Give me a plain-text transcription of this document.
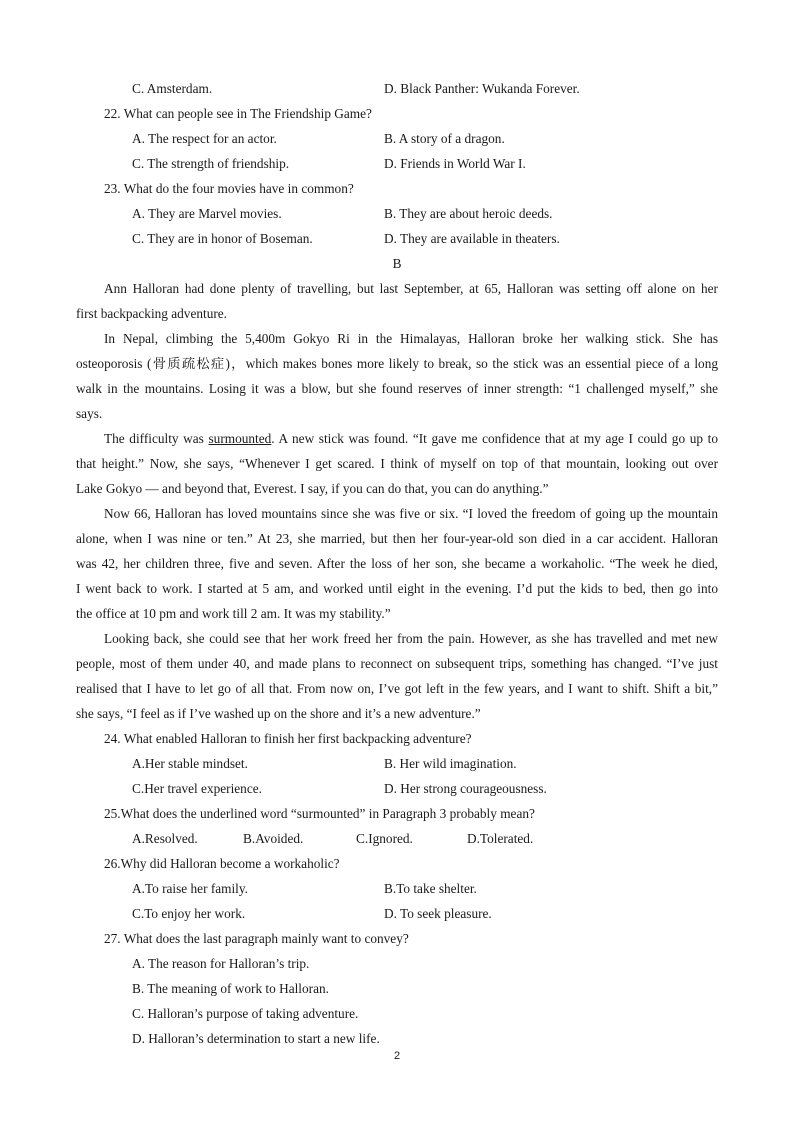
C. Amsterdam.	D. Black Panther: Wukanda Forever.
22. What can people see in The Friendship Game?
A. The respect for an actor.	B. A story of a dragon.
C. The strength of friendship.	D. Friends in World War I.
23. What do the four movies have in common?
A. They are Marvel movies.	B. They are about heroic deeds.
C. They are in honor of Boseman.	D. They are available in theaters.
B
Ann Halloran had done plenty of travelling, but last September, at 65, Halloran was setting off alone on her
first backpacking adventure.
In Nepal, climbing the 5,400m Gokyo Ri in the Himalayas, Halloran broke her walking stick. She has
osteoporosis (骨质疏松症)，which makes bones more likely to break, so the stick was an essential piece of a long
walk in the mountains. Losing it was a blow, but she found reserves of inner strength: “1 challenged myself,” she
says.
The difficulty was surmounted. A new stick was found. “It gave me confidence that at my age I could go up to
that height.” Now, she says, “Whenever I get scared. I think of myself on top of that mountain, looking out over
Lake Gokyo — and beyond that, Everest. I say, if you can do that, you can do anything.”
Now 66, Halloran has loved mountains since she was five or six. “I loved the freedom of going up the mountain
alone, when I was nine or ten.” At 23, she married, but then her four-year-old son died in a car accident. Halloran
was 42, her children three, five and seven. After the loss of her son, she became a workaholic. “The week he died,
I went back to work. I started at 5 am, and worked until eight in the evening. I’d put the kids to bed, then go into
the office at 10 pm and work till 2 am. It was my stability.”
Looking back, she could see that her work freed her from the pain. However, as she has travelled and met new
people, most of them under 40, and made plans to reconnect on subsequent trips, something has changed. “I’ve just
realised that I have to let go of all that. From now on, I’ve got left in the few years, and I want to shift. Shift a bit,”
she says, “I feel as if I’ve washed up on the shore and it’s a new adventure.”
24. What enabled Halloran to finish her first backpacking adventure?
A.Her stable mindset.	B. Her wild imagination.
C.Her travel experience.	D. Her strong courageousness.
25.What does the underlined word “surmounted” in Paragraph 3 probably mean?
A.Resolved.	B.Avoided.	C.Ignored.	D.Tolerated.
26.Why did Halloran become a workaholic?
A.To raise her family.	B.To take shelter.
C.To enjoy her work.	D. To seek pleasure.
27. What does the last paragraph mainly want to convey?
A. The reason for Halloran’s trip.
B. The meaning of work to Halloran.
C. Halloran’s purpose of taking adventure.
D. Halloran’s determination to start a new life.
2
